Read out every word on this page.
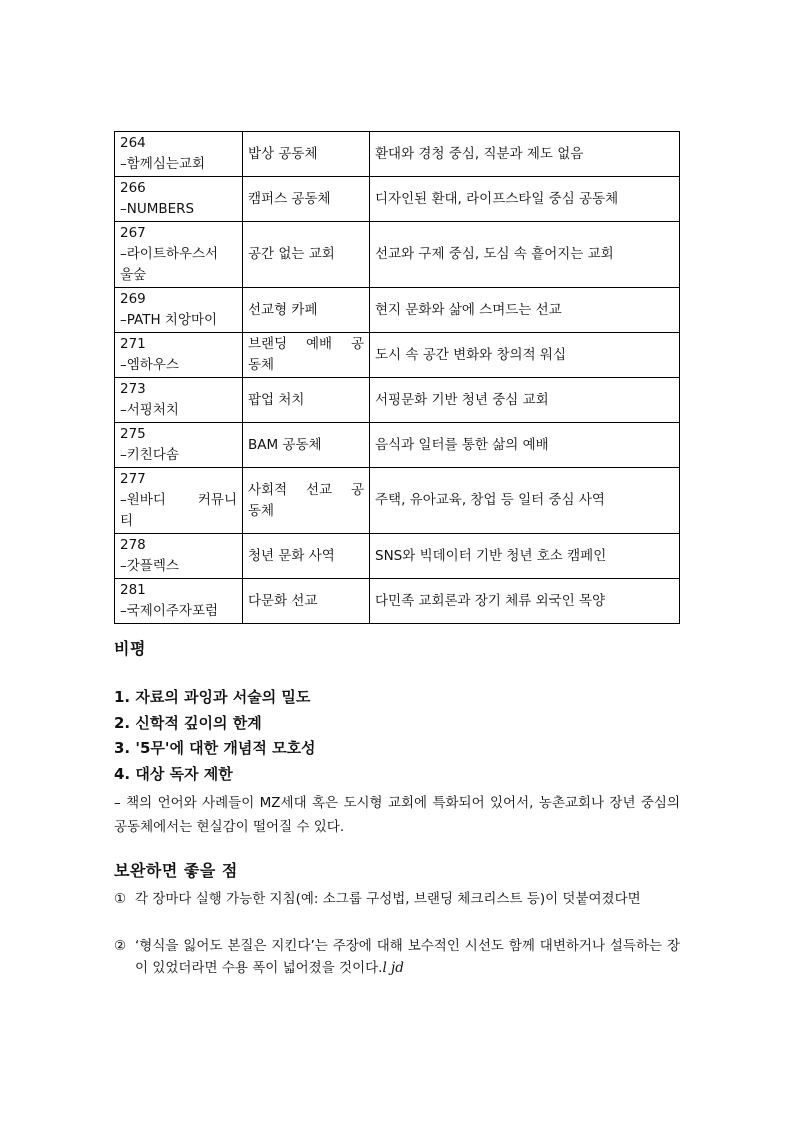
264
–함께심는교회	밥상 공동체	환대와 경청 중심, 직분과 제도 없음

266
–NUMBERS	캠퍼스 공동체	디자인된 환대, 라이프스타일 중심 공동체

267
–라이트하우스서
울숲	공간 없는 교회	선교와 구제 중심, 도심 속 흩어지는 교회

269
–PATH 치앙마이	선교형 카페	현지 문화와 삶에 스며드는 선교

271
–엠하우스	브랜딩 예배 공
동체	도시 속 공간 변화와 창의적 워십

273
–서핑처치	팝업 처치	서핑문화 기반 청년 중심 교회

275
–키친다솜	BAM 공동체	음식과 일터를 통한 삶의 예배

277
–원바디 커뮤니
티	사회적 선교 공
동체	주택, 유아교육, 창업 등 일터 중심 사역

278
–갓플렉스	청년 문화 사역	SNS와 빅데이터 기반 청년 호소 캠페인

281
–국제이주자포럼	다문화 선교	다민족 교회론과 장기 체류 외국인 목양
비평
1. 자료의 과잉과 서술의 밀도
2. 신학적 깊이의 한계
3. '5무'에 대한 개념적 모호성
4. 대상 독자 제한
– 책의 언어와 사례들이 MZ세대 혹은 도시형 교회에 특화되어 있어서, 농촌교회나 장년 중심의 공동체에서는 현실감이 떨어질 수 있다.
보완하면 좋을 점
① 각 장마다 실행 가능한 지침(예: 소그룹 구성법, 브랜딩 체크리스트 등)이 덧붙여졌다면
② ‘형식을 잃어도 본질은 지킨다’는 주장에 대해 보수적인 시선도 함께 대변하거나 설득하는 장이 있었더라면 수용 폭이 넓어졌을 것이다.l jd
